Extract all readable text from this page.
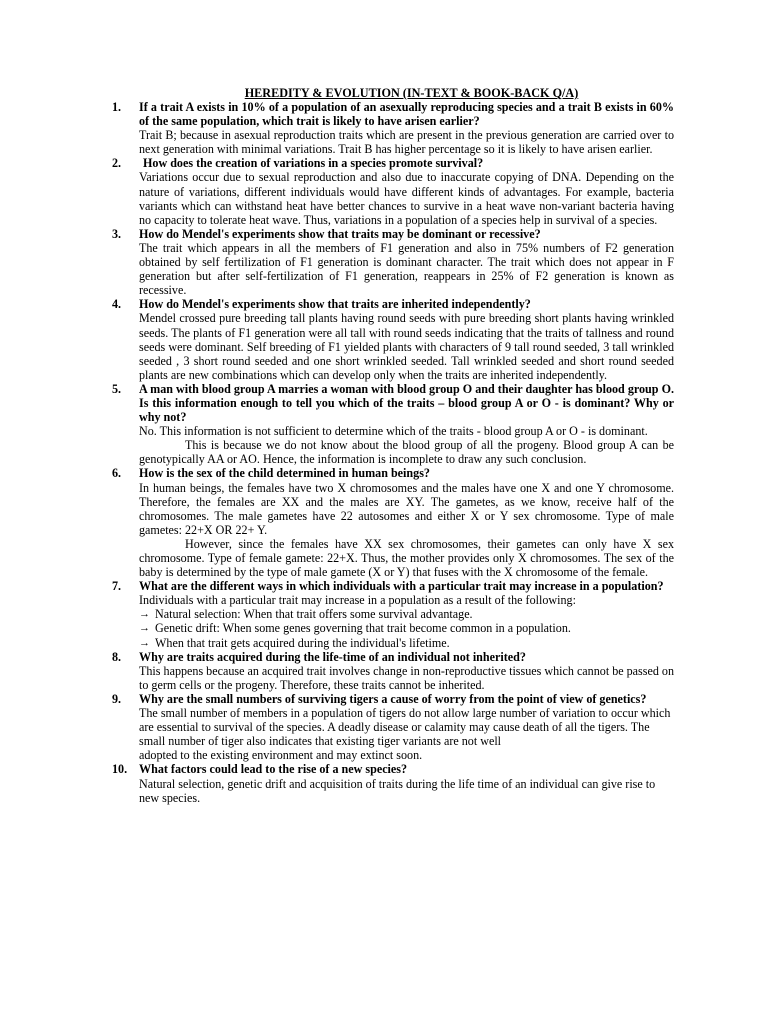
HEREDITY & EVOLUTION (IN-TEXT & BOOK-BACK Q/A)
1.	If a trait A exists in 10% of a population of an asexually reproducing species and a trait B exists in 60% of the same population, which trait is likely to have arisen earlier?

Trait B; because in asexual reproduction traits which are present in the previous generation are carried over to next generation with minimal variations. Trait B has higher percentage so it is likely to have arisen earlier.

2.	How does the creation of variations in a species promote survival?

Variations occur due to sexual reproduction and also due to inaccurate copying of DNA. Depending on the nature of variations, different individuals would have different kinds of advantages. For example, bacteria variants which can withstand heat have better chances to survive in a heat wave non-variant bacteria having no capacity to tolerate heat wave. Thus, variations in a population of a species help in survival of a species.

3.	How do Mendel's experiments show that traits may be dominant or recessive?

The trait which appears in all the members of F1 generation and also in 75% numbers of F2 generation obtained by self fertilization of F1 generation is dominant character. The trait which does not appear in F generation but after self-fertilization of F1 generation, reappears in 25% of F2 generation is known as recessive.

4.	How do Mendel's experiments show that traits are inherited independently?

Mendel crossed pure breeding tall plants having round seeds with pure breeding short plants having wrinkled seeds. The plants of F1 generation were all tall with round seeds indicating that the traits of tallness and round seeds were dominant. Self breeding of F1 yielded plants with characters of 9 tall round seeded, 3 tall wrinkled seeded , 3 short round seeded and one short wrinkled seeded. Tall wrinkled seeded and short round seeded plants are new combinations which can develop only when the traits are inherited independently.

5.	A man with blood group A marries a woman with blood group O and their daughter has blood group O. Is this information enough to tell you which of the traits – blood group A or O - is dominant? Why or why not?

No. This information is not sufficient to determine which of the traits - blood group A or O - is dominant.

This is because we do not know about the blood group of all the progeny. Blood group A can be genotypically AA or AO. Hence, the information is incomplete to draw any such conclusion.

6.	How is the sex of the child determined in human beings?

In human beings, the females have two X chromosomes and the males have one X and one Y chromosome. Therefore, the females are XX and the males are XY. The gametes, as we know, receive half of the chromosomes. The male gametes have 22 autosomes and either X or Y sex chromosome. Type of male gametes: 22+X OR 22+ Y.

However, since the females have XX sex chromosomes, their gametes can only have X sex chromosome. Type of female gamete: 22+X. Thus, the mother provides only X chromosomes. The sex of the baby is determined by the type of male gamete (X or Y) that fuses with the X chromosome of the female.

7.	What are the different ways in which individuals with a particular trait may increase in a population?

Individuals with a particular trait may increase in a population as a result of the following:

→ Natural selection: When that trait offers some survival advantage.
→ Genetic drift: When some genes governing that trait become common in a population.
→ When that trait gets acquired during the individual's lifetime.
8.	Why are traits acquired during the life-time of an individual not inherited?

This happens because an acquired trait involves change in non-reproductive tissues which cannot be passed on to germ cells or the progeny. Therefore, these traits cannot be inherited.

9.	Why are the small numbers of surviving tigers a cause of worry from the point of view of genetics?

The small number of members in a population of tigers do not allow large number of variation to occur which are essential to survival of the species. A deadly disease or calamity may cause death of all the tigers. The small number of tiger also indicates that existing tiger variants are not well

adopted to the existing environment and may extinct soon.

10. What factors could lead to the rise of a new species?

Natural selection, genetic drift and acquisition of traits during the life time of an individual can give rise to new species.
